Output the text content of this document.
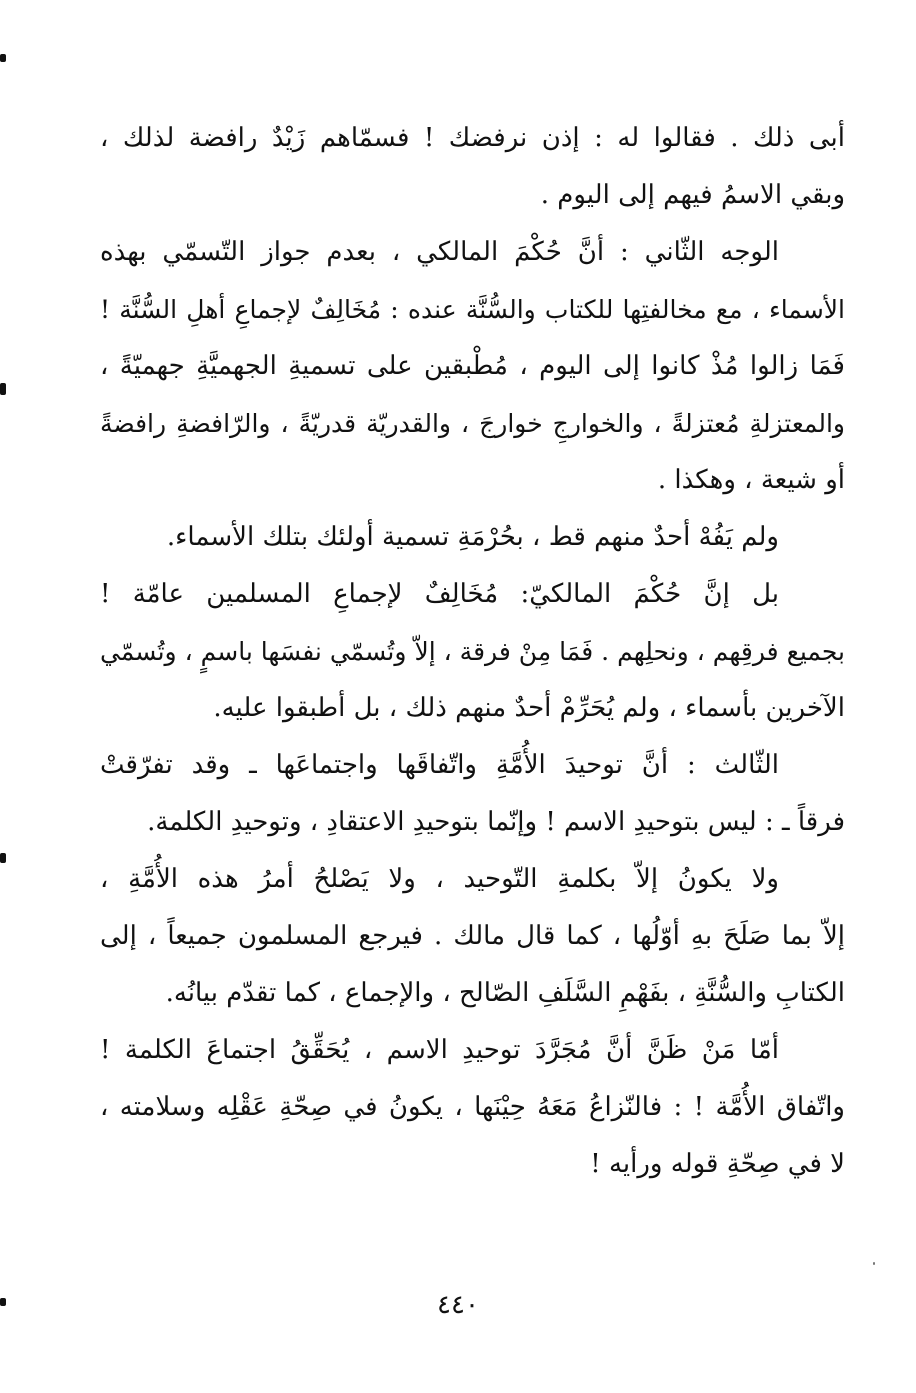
أبى ذلك . فقالوا له : إذن نرفضك ! فسمّاهم زَيْدٌ رافضة لذلك ،
وبقي الاسمُ فيهم إلى اليوم .
الوجه الثّاني : أنَّ حُكْمَ المالكي ، بعدم جواز التّسمّي بهذه
الأسماء ، مع مخالفتِها للكتاب والسُّنَّة عنده : مُخَالِفٌ لإجماعِ أهلِ السُّنَّة !
فَمَا زالوا مُذْ كانوا إلى اليوم ، مُطْبقين على تسميةِ الجهميَّةِ جهميّةً ،
والمعتزلةِ مُعتزلةً ، والخوارجِ خوارجَ ، والقدريّة قدريّةً ، والرّافضةِ رافضةً
أو شيعة ، وهكذا .
ولم يَفُهْ أحدٌ منهم قط ، بحُرْمَةِ تسمية أولئك بتلك الأسماء.
بل إنَّ حُكْمَ المالكيّ: مُخَالِفٌ لإجماعِ المسلمين عامّة !
بجميع فرقِهم ، ونحلِهم . فَمَا مِنْ فرقة ، إلاّ وتُسمّي نفسَها باسمٍ ، وتُسمّي
الآخرين بأسماء ، ولم يُحَرِّمْ أحدٌ منهم ذلك ، بل أطبقوا عليه.
الثّالث : أنَّ توحيدَ الأُمَّةِ واتّفاقَها واجتماعَها ـ وقد تفرّقتْ
فرقاً ـ : ليس بتوحيدِ الاسم ! وإنّما بتوحيدِ الاعتقادِ ، وتوحيدِ الكلمة.
ولا يكونُ إلاّ بكلمةِ التّوحيد ، ولا يَصْلحُ أمرُ هذه الأُمَّةِ ،
إلاّ بما صَلَحَ بهِ أوّلُها ، كما قال مالك . فيرجع المسلمون جميعاً ، إلى
الكتابِ والسُّنَّةِ ، بفَهْمِ السَّلَفِ الصّالح ، والإجماع ، كما تقدّم بيانُه.
أمّا مَنْ ظَنَّ أنَّ مُجَرَّدَ توحيدِ الاسم ، يُحَقِّقُ اجتماعَ الكلمة !
واتّفاق الأُمَّة ! : فالنّزاعُ مَعَهُ حِيْنَها ، يكونُ في صِحّةِ عَقْلِه وسلامته ،
لا في صِحّةِ قوله ورأيه !
٤٤٠
